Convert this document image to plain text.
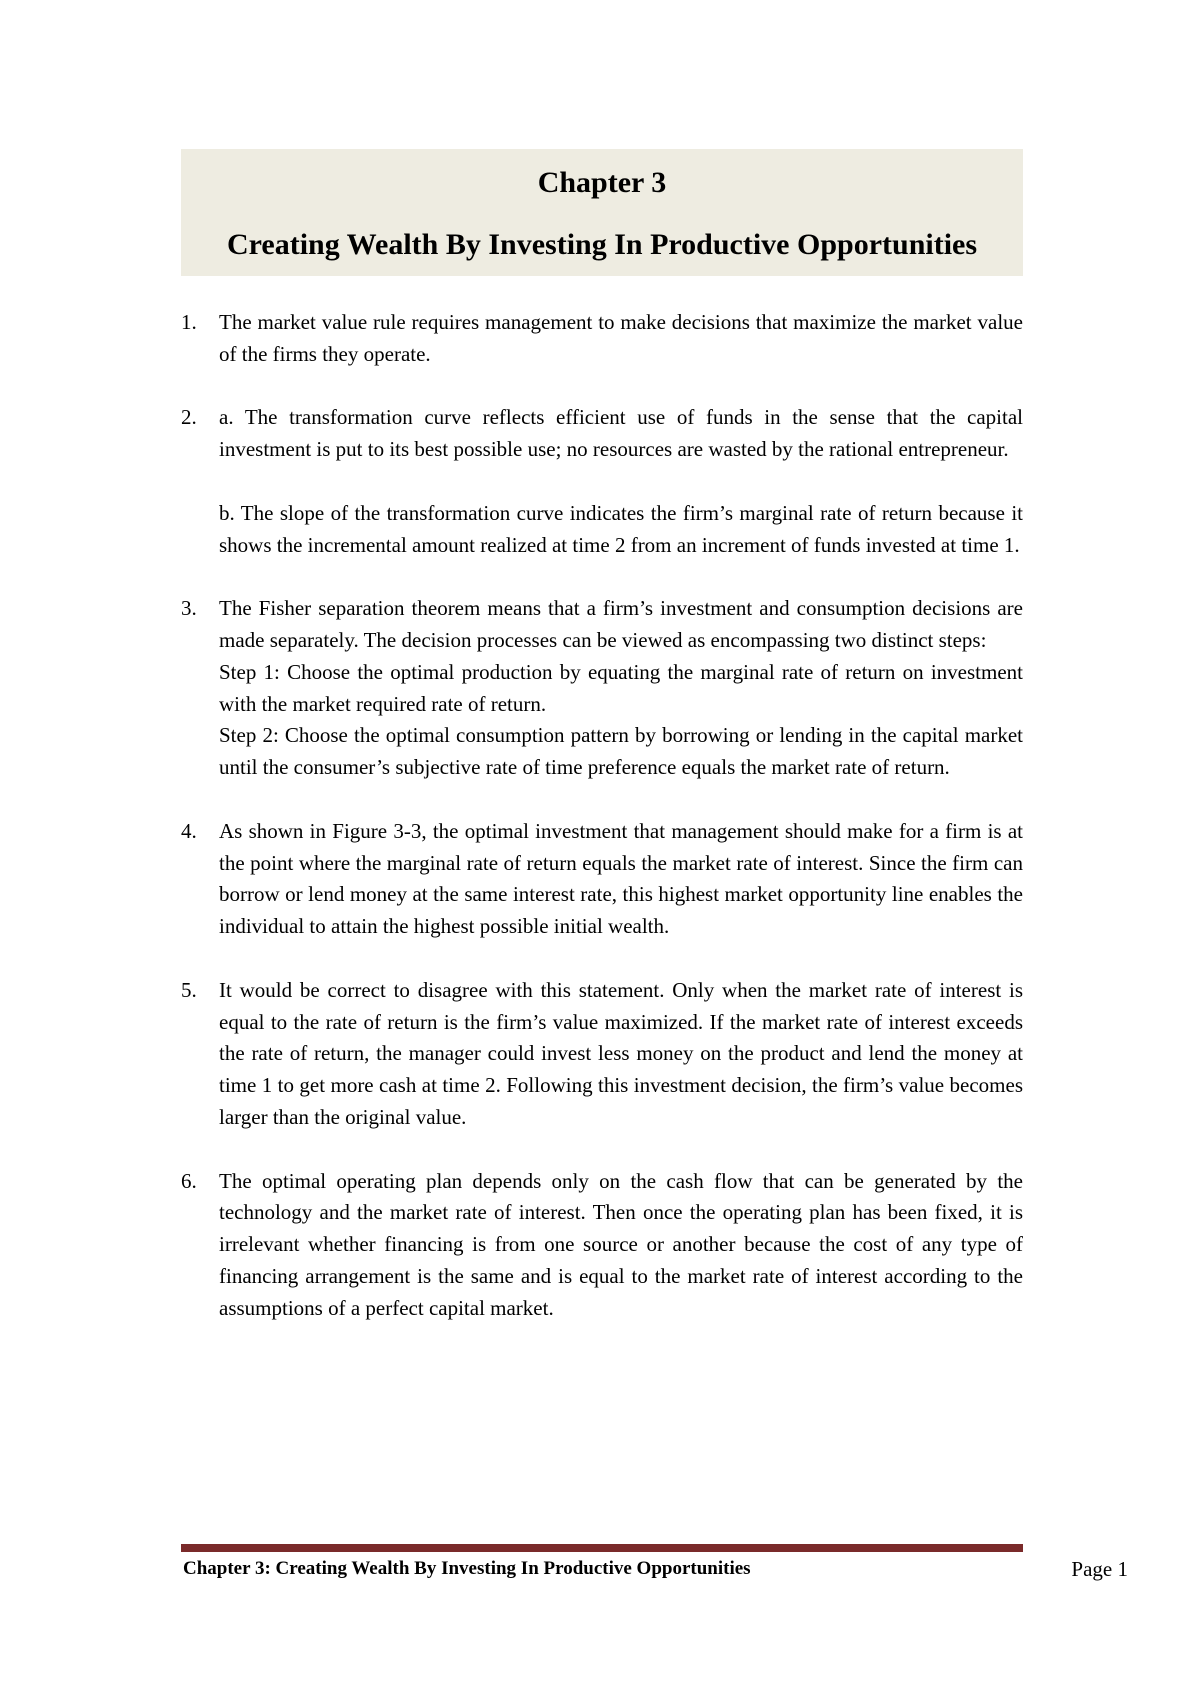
Chapter 3
Creating Wealth By Investing In Productive Opportunities
1. The market value rule requires management to make decisions that maximize the market value of the firms they operate.

2. a. The transformation curve reflects efficient use of funds in the sense that the capital investment is put to its best possible use; no resources are wasted by the rational entrepreneur.

b. The slope of the transformation curve indicates the firm’s marginal rate of return because it shows the incremental amount realized at time 2 from an increment of funds invested at time 1.

3. The Fisher separation theorem means that a firm’s investment and consumption decisions are made separately. The decision processes can be viewed as encompassing two distinct steps:

Step 1: Choose the optimal production by equating the marginal rate of return on investment with the market required rate of return.

Step 2: Choose the optimal consumption pattern by borrowing or lending in the capital market until the consumer’s subjective rate of time preference equals the market rate of return.

4. As shown in Figure 3-3, the optimal investment that management should make for a firm is at the point where the marginal rate of return equals the market rate of interest. Since the firm can borrow or lend money at the same interest rate, this highest market opportunity line enables the individual to attain the highest possible initial wealth.

5. It would be correct to disagree with this statement. Only when the market rate of interest is equal to the rate of return is the firm’s value maximized. If the market rate of interest exceeds the rate of return, the manager could invest less money on the product and lend the money at time 1 to get more cash at time 2. Following this investment decision, the firm’s value becomes larger than the original value.

6. The optimal operating plan depends only on the cash flow that can be generated by the technology and the market rate of interest. Then once the operating plan has been fixed, it is irrelevant whether financing is from one source or another because the cost of any type of financing arrangement is the same and is equal to the market rate of interest according to the assumptions of a perfect capital market.

Chapter 3: Creating Wealth By Investing In Productive Opportunities	Page 1
